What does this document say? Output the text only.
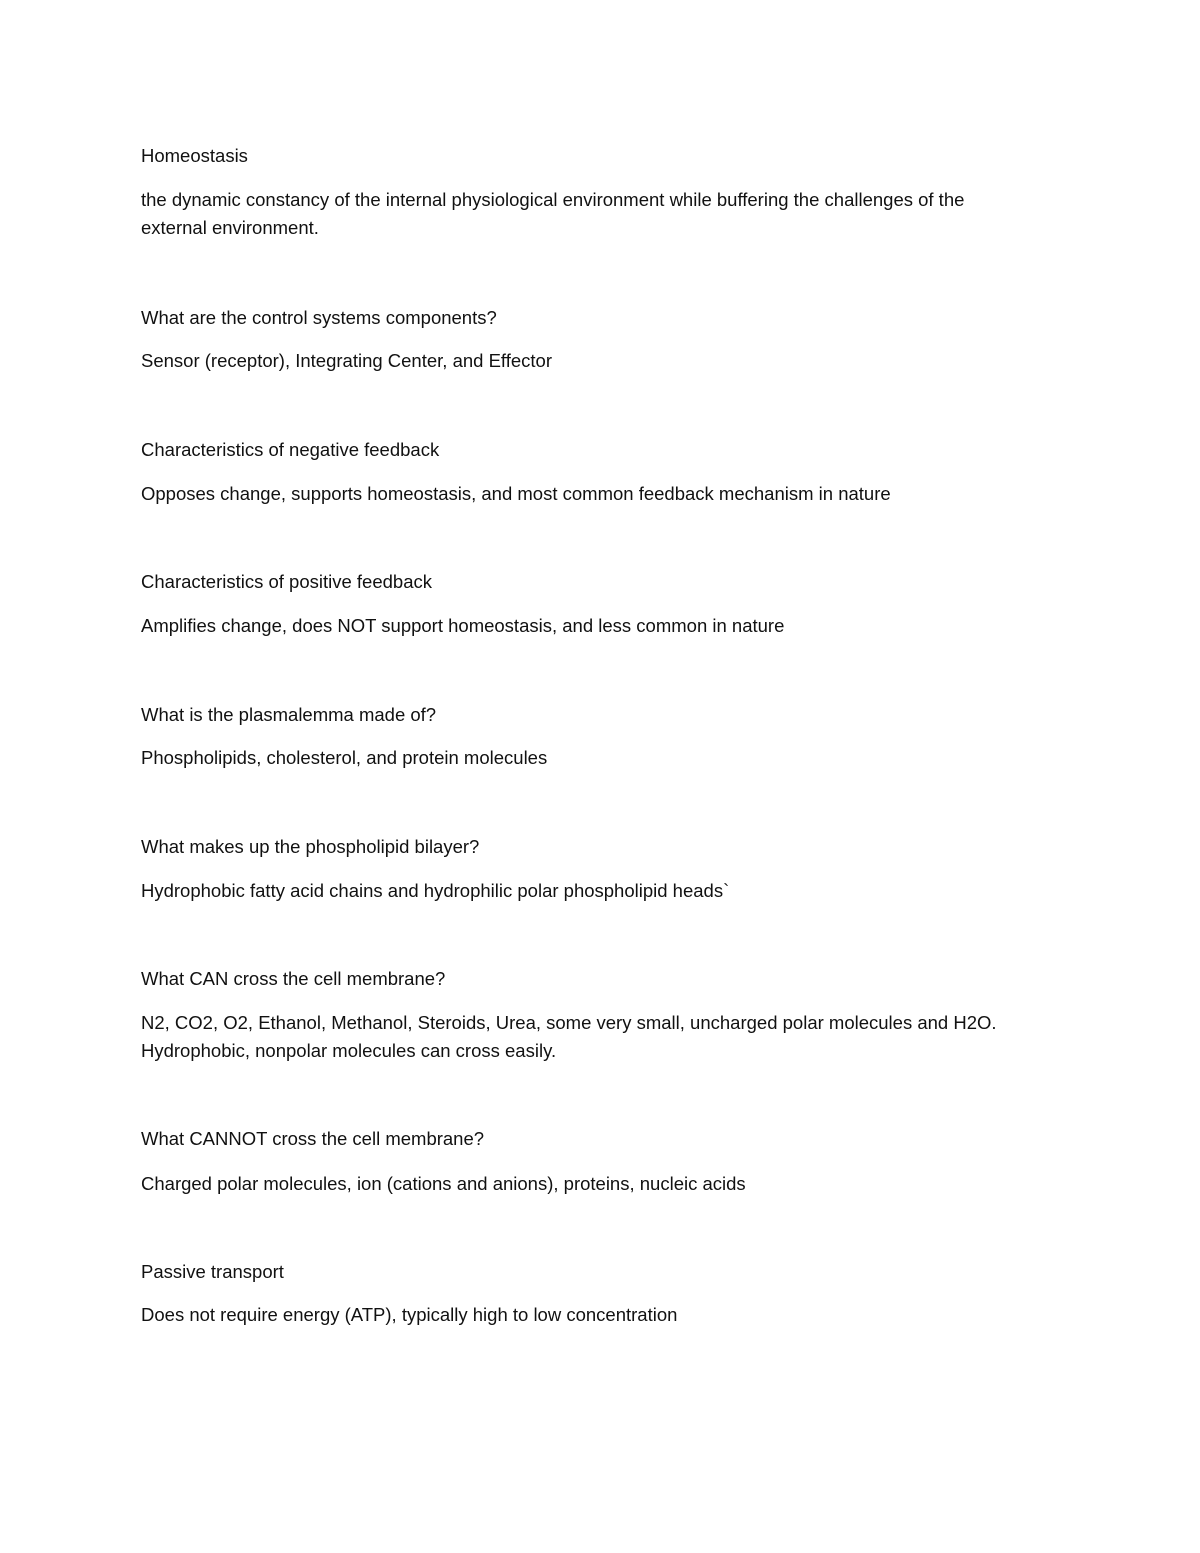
Homeostasis

the dynamic constancy of the internal physiological environment while buffering the challenges of the
external environment.

What are the control systems components?

Sensor (receptor), Integrating Center, and Effector

Characteristics of negative feedback

Opposes change, supports homeostasis, and most common feedback mechanism in nature

Characteristics of positive feedback

Amplifies change, does NOT support homeostasis, and less common in nature

What is the plasmalemma made of?

Phospholipids, cholesterol, and protein molecules

What makes up the phospholipid bilayer?

Hydrophobic fatty acid chains and hydrophilic polar phospholipid heads`

What CAN cross the cell membrane?

N2, CO2, O2, Ethanol, Methanol, Steroids, Urea, some very small, uncharged polar molecules and H2O.
Hydrophobic, nonpolar molecules can cross easily.

What CANNOT cross the cell membrane?

Charged polar molecules, ion (cations and anions), proteins, nucleic acids

Passive transport

Does not require energy (ATP), typically high to low concentration
